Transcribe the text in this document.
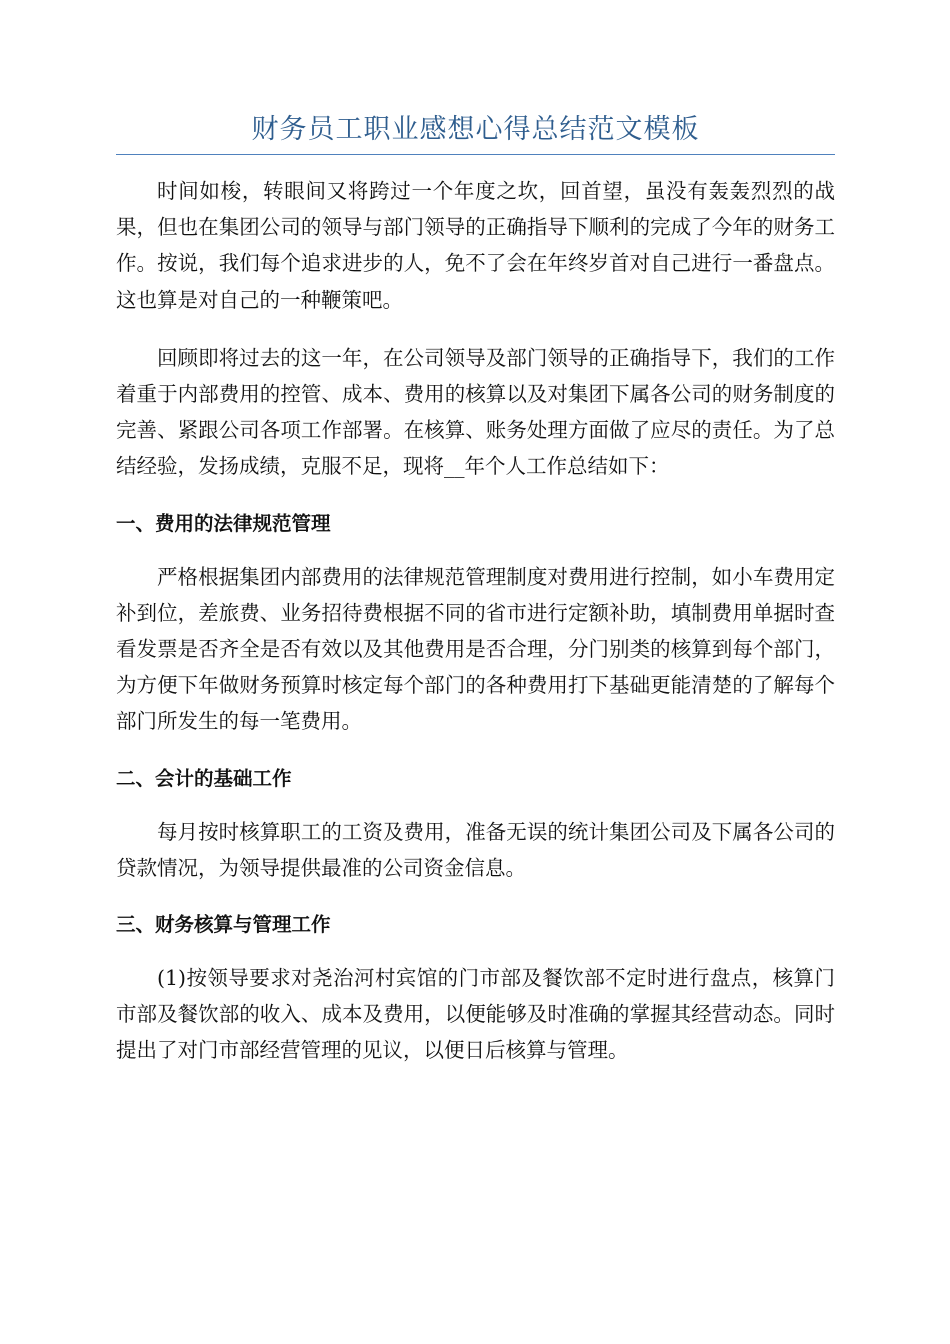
财务员工职业感想心得总结范文模板

时间如梭，转眼间又将跨过一个年度之坎，回首望，虽没有轰轰烈烈的战果，但也在集团公司的领导与部门领导的正确指导下顺利的完成了今年的财务工作。按说，我们每个追求进步的人，免不了会在年终岁首对自己进行一番盘点。这也算是对自己的一种鞭策吧。

回顾即将过去的这一年，在公司领导及部门领导的正确指导下，我们的工作着重于内部费用的控管、成本、费用的核算以及对集团下属各公司的财务制度的完善、紧跟公司各项工作部署。在核算、账务处理方面做了应尽的责任。为了总结经验，发扬成绩，克服不足，现将__年个人工作总结如下：

一、费用的法律规范管理

严格根据集团内部费用的法律规范管理制度对费用进行控制，如小车费用定补到位，差旅费、业务招待费根据不同的省市进行定额补助，填制费用单据时查看发票是否齐全是否有效以及其他费用是否合理，分门别类的核算到每个部门，为方便下年做财务预算时核定每个部门的各种费用打下基础更能清楚的了解每个部门所发生的每一笔费用。

二、会计的基础工作

每月按时核算职工的工资及费用，准备无误的统计集团公司及下属各公司的贷款情况，为领导提供最准的公司资金信息。

三、财务核算与管理工作

(1)按领导要求对尧治河村宾馆的门市部及餐饮部不定时进行盘点，核算门市部及餐饮部的收入、成本及费用，以便能够及时准确的掌握其经营动态。同时提出了对门市部经营管理的见议，以便日后核算与管理。
